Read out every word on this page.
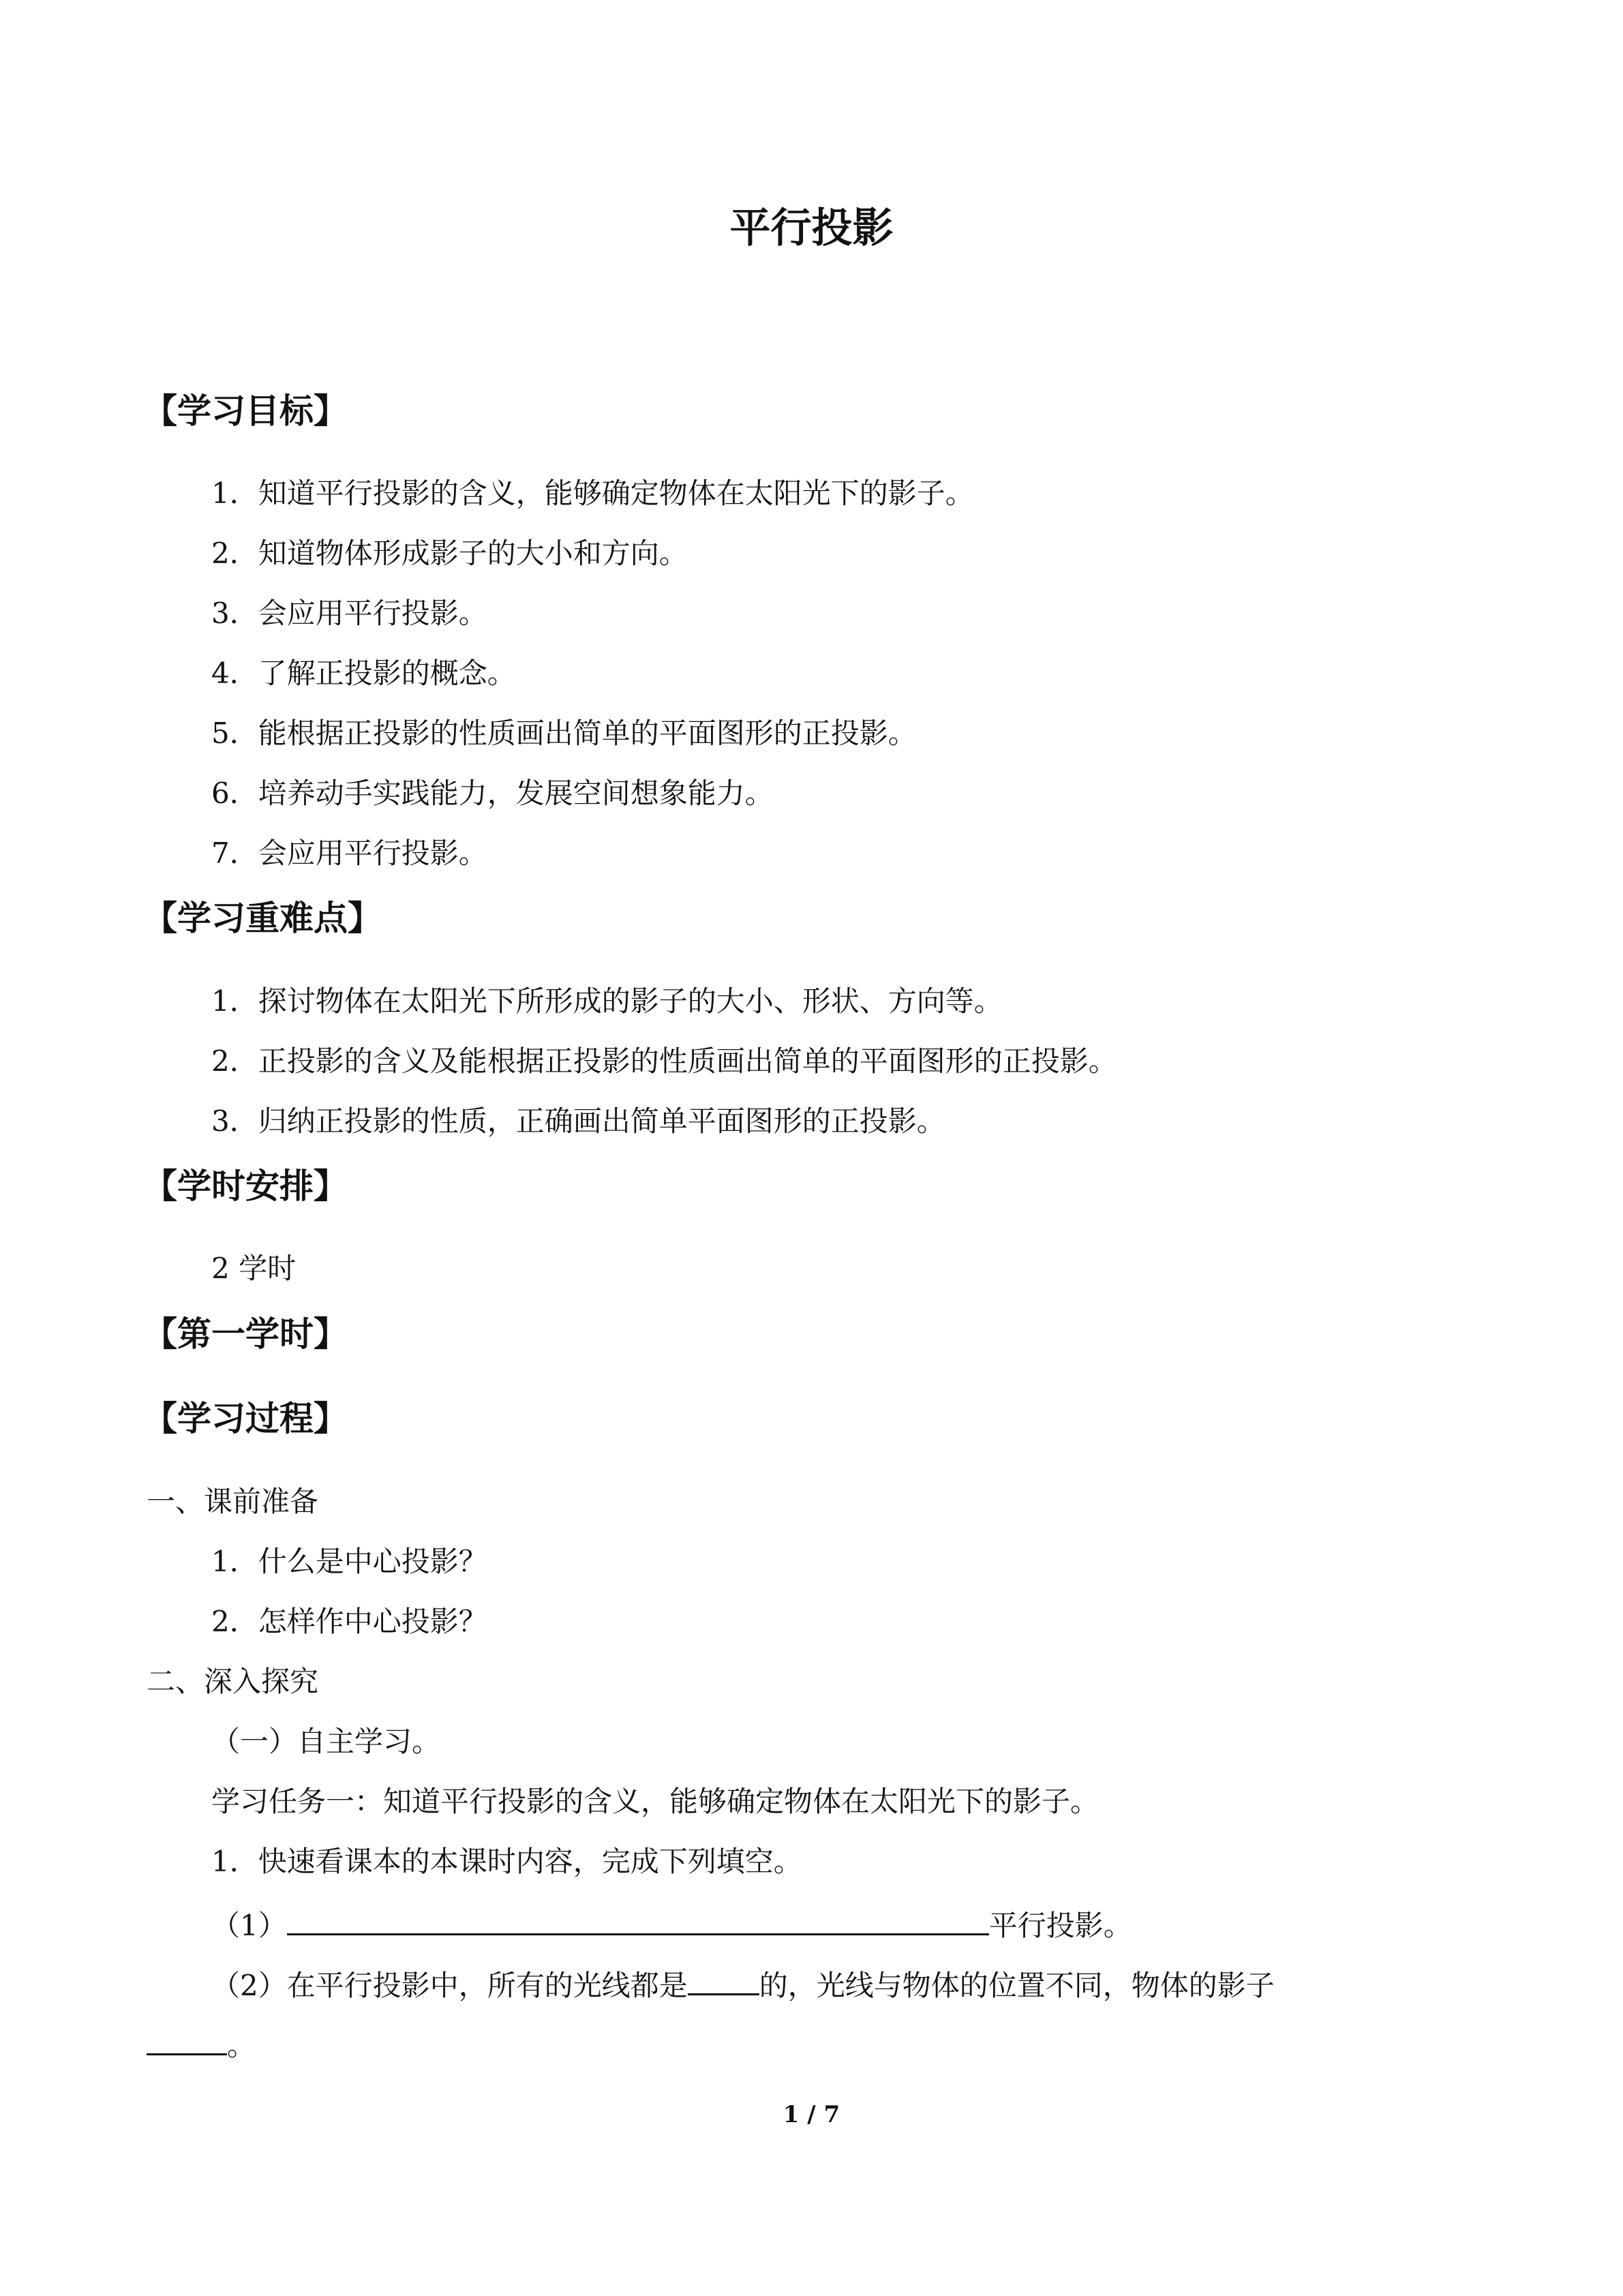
平行投影
【学习目标】
1．知道平行投影的含义，能够确定物体在太阳光下的影子。
2．知道物体形成影子的大小和方向。
3．会应用平行投影。
4．了解正投影的概念。
5．能根据正投影的性质画出简单的平面图形的正投影。
6．培养动手实践能力，发展空间想象能力。
7．会应用平行投影。
【学习重难点】
1．探讨物体在太阳光下所形成的影子的大小、形状、方向等。
2．正投影的含义及能根据正投影的性质画出简单的平面图形的正投影。
3．归纳正投影的性质，正确画出简单平面图形的正投影。
【学时安排】
2 学时
【第一学时】
【学习过程】
一、课前准备
1．什么是中心投影？
2．怎样作中心投影？
二、深入探究
（一）自主学习。
学习任务一：知道平行投影的含义，能够确定物体在太阳光下的影子。
1．快速看课本的本课时内容，完成下列填空。
（1）	平行投影。
（2）在平行投影中，所有的光线都是	的，光线与物体的位置不同，物体的影子
。
1 / 7
